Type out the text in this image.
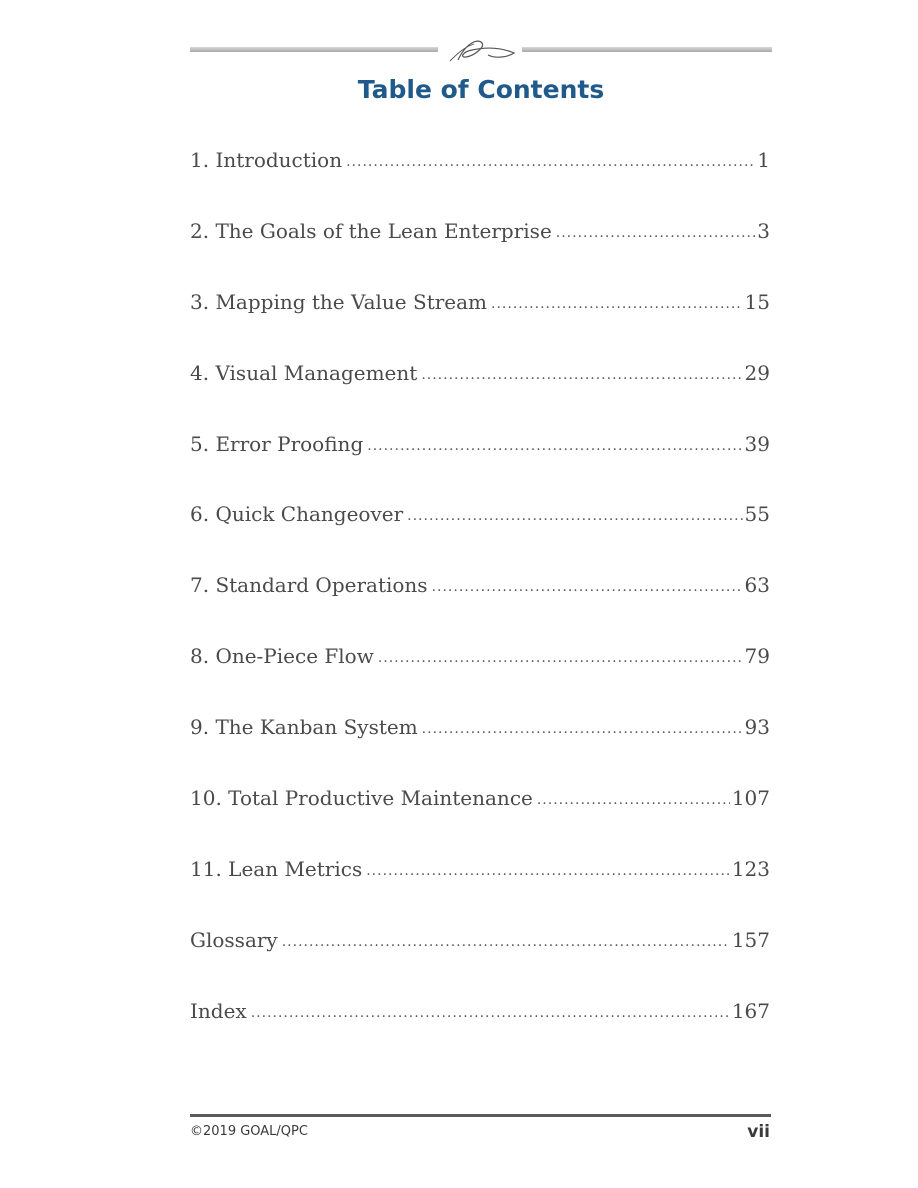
Table of Contents
1. Introduction .....	1
2. The Goals of the Lean Enterprise .....	3
3. Mapping the Value Stream .....	15
4. Visual Management .....	29
5. Error Proofing .....	39
6. Quick Changeover .....	55
7. Standard Operations .....	63
8. One-Piece Flow .....	79
9. The Kanban System .....	93
10. Total Productive Maintenance .....	107
11. Lean Metrics .....	123
Glossary .....	157
Index .....	167
©2019 GOAL/QPC	vii
